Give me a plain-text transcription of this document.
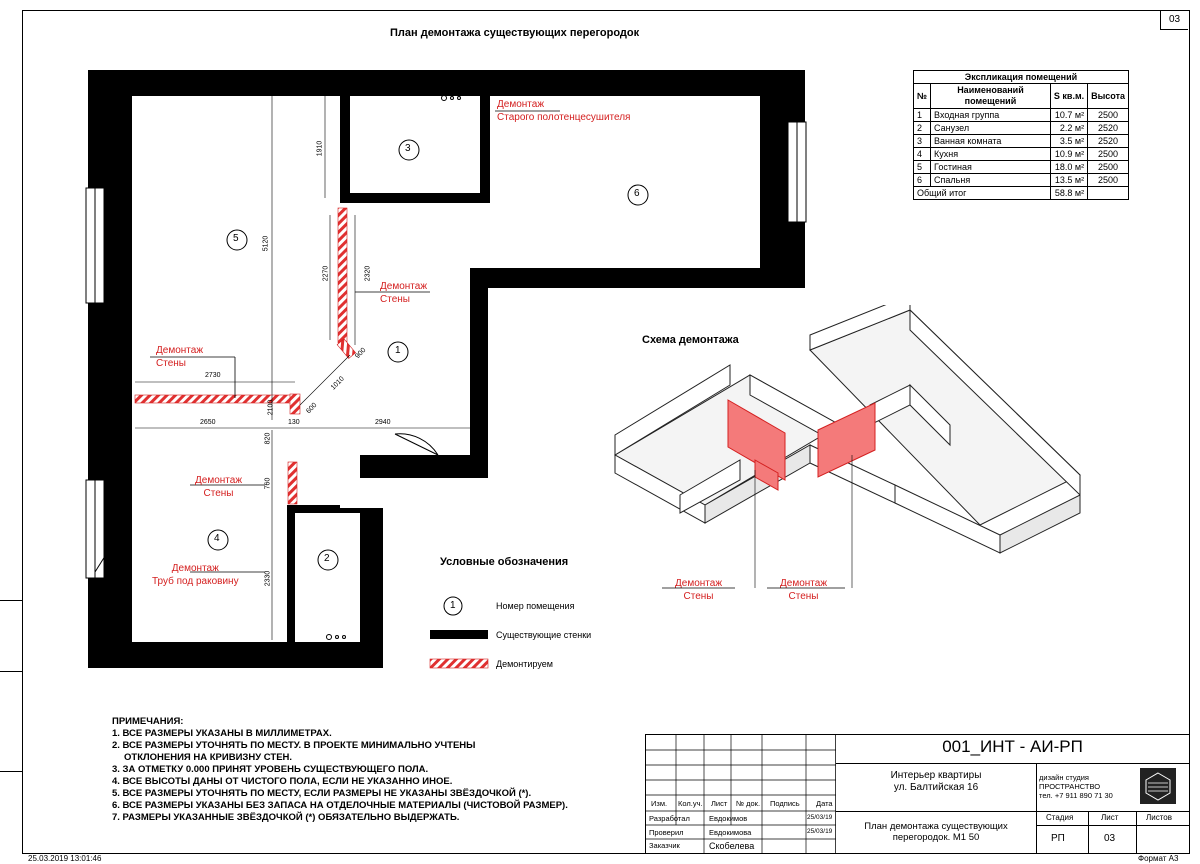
03
25.03.2019 13:01:46	Формат A3
План демонтажа существующих перегородок
3
6
5
1
4
2
1910
5120
2270	2320
2730
1010
900
2100	600
2650	130	2940
820
760
2330
Демонтаж
Старого полотенцесушителя
Демонтаж
Стены
Демонтаж
Стены
Демонтаж
Стены
Демонтаж
Труб под раковину
Экспликация помещений			
№	Наименований помещений	S кв.м.	Высота
1	Входная группа	10.7 м²	2500
2	Санузел	2.2 м²	2520
3	Ванная комната	3.5 м²	2520
4	Кухня	10.9 м²	2500
5	Гостиная	18.0 м²	2500
6	Спальня	13.5 м²	2500
Общий итог		58.8 м²	
Схема демонтажа
Демонтаж
Стены
Демонтаж
Стены
Условные обозначения
1	Номер помещения
Существующие стенки
Демонтируем
ПРИМЕЧАНИЯ:
1. ВСЕ РАЗМЕРЫ УКАЗАНЫ В МИЛЛИМЕТРАХ.
2. ВСЕ РАЗМЕРЫ УТОЧНЯТЬ ПО МЕСТУ. В ПРОЕКТЕ МИНИМАЛЬНО УЧТЕНЫ
ОТКЛОНЕНИЯ НА КРИВИЗНУ СТЕН.
3. ЗА ОТМЕТКУ 0.000 ПРИНЯТ УРОВЕНЬ СУЩЕСТВУЮЩЕГО ПОЛА.
4. ВСЕ ВЫСОТЫ ДАНЫ ОТ ЧИСТОГО ПОЛА, ЕСЛИ НЕ УКАЗАННО ИНОЕ.
5. ВСЕ РАЗМЕРЫ УТОЧНЯТЬ ПО МЕСТУ, ЕСЛИ РАЗМЕРЫ НЕ УКАЗАНЫ ЗВЁЗДОЧКОЙ (*).
6. ВСЕ РАЗМЕРЫ УКАЗАНЫ БЕЗ ЗАПАСА НА ОТДЕЛОЧНЫЕ МАТЕРИАЛЫ (ЧИСТОВОЙ РАЗМЕР).
7. РАЗМЕРЫ УКАЗАННЫЕ ЗВЁЗДОЧКОЙ (*) ОБЯЗАТЕЛЬНО ВЫДЕРЖАТЬ.
Изм. Кол.уч. Лист № док. Подпись Дата
Разработал	Евдокимов	25/03/19
Проверил	Евдокимова	25/03/19
Заказчик	Скобелева
001_ИНТ - АИ-РП
Интерьер квартиры
ул. Балтийская 16
дизайн студия
ПРОСТРАНСТВО
тел. +7 911 890 71 30
План демонтажа существующих
перегородок. М1 50
Стадия	Лист	Листов
РП	03
